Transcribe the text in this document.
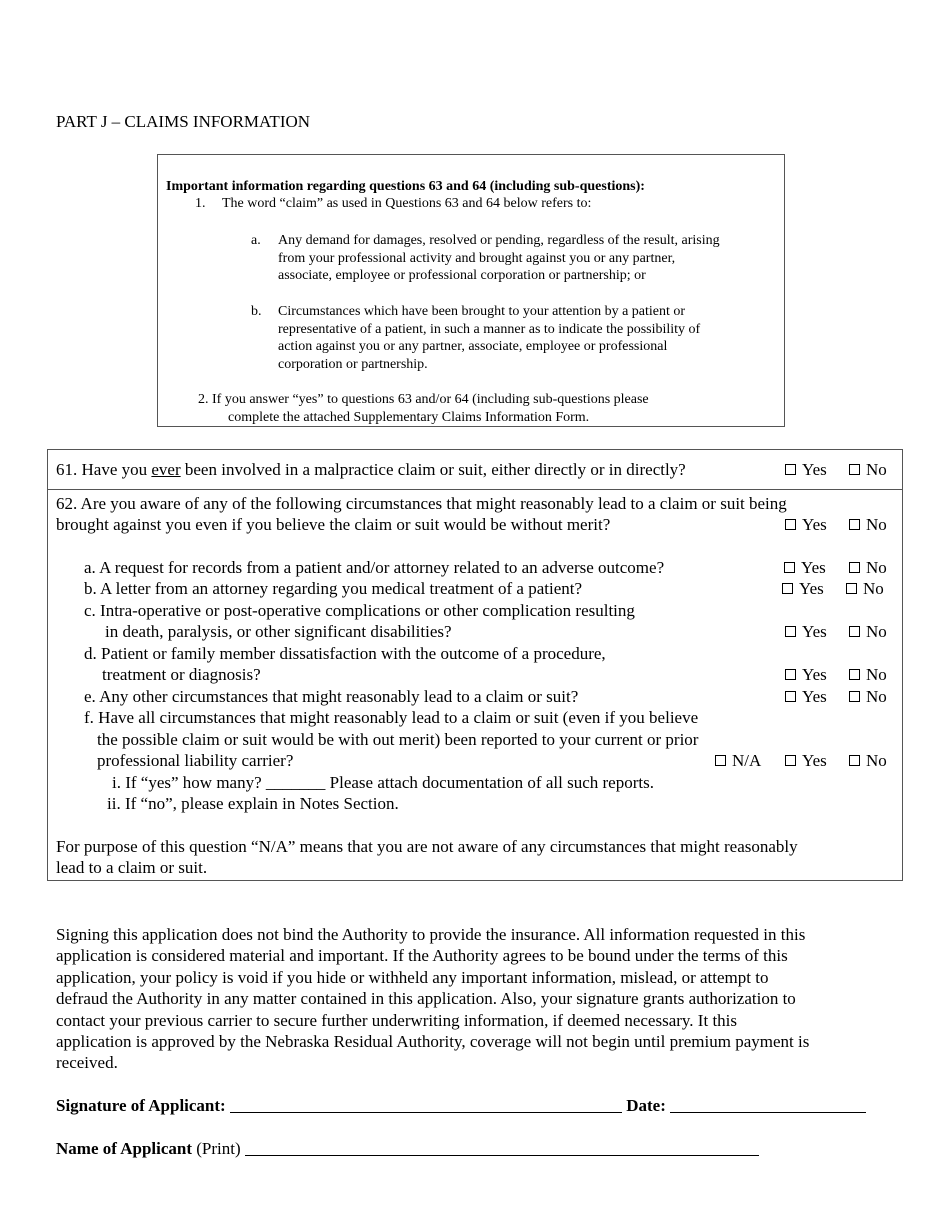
PART J – CLAIMS INFORMATION
Important information regarding questions 63 and 64 (including sub-questions):
1. The word “claim” as used in Questions 63 and 64 below refers to:
a. Any demand for damages, resolved or pending, regardless of the result, arising
from your professional activity and brought against you or any partner,
associate, employee or professional corporation or partnership; or
b. Circumstances which have been brought to your attention by a patient or
representative of a patient, in such a manner as to indicate the possibility of
action against you or any partner, associate, employee or professional
corporation or partnership.
2. If you answer “yes” to questions 63 and/or 64 (including sub-questions please
complete the attached Supplementary Claims Information Form.
61. Have you ever been involved in a malpractice claim or suit, either directly or in directly?	Yes	No
62. Are you aware of any of the following circumstances that might reasonably lead to a claim or suit being
brought against you even if you believe the claim or suit would be without merit?	Yes	No
a. A request for records from a patient and/or attorney related to an adverse outcome?	Yes	No
b. A letter from an attorney regarding you medical treatment of a patient?	Yes	No
c. Intra-operative or post-operative complications or other complication resulting
in death, paralysis, or other significant disabilities?	Yes	No
d. Patient or family member dissatisfaction with the outcome of a procedure,
treatment or diagnosis?	Yes	No
e. Any other circumstances that might reasonably lead to a claim or suit?	Yes	No
f. Have all circumstances that might reasonably lead to a claim or suit (even if you believe
the possible claim or suit would be with out merit) been reported to your current or prior
professional liability carrier?	N/A	Yes	No
i. If “yes” how many? _______ Please attach documentation of all such reports.
ii. If “no”, please explain in Notes Section.
For purpose of this question “N/A” means that you are not aware of any circumstances that might reasonably
lead to a claim or suit.
Signing this application does not bind the Authority to provide the insurance. All information requested in this
application is considered material and important. If the Authority agrees to be bound under the terms of this
application, your policy is void if you hide or withheld any important information, mislead, or attempt to
defraud the Authority in any matter contained in this application. Also, your signature grants authorization to
contact your previous carrier to secure further underwriting information, if deemed necessary. It this
application is approved by the Nebraska Residual Authority, coverage will not begin until premium payment is
received.
Signature of Applicant:	Date:
Name of Applicant (Print)
